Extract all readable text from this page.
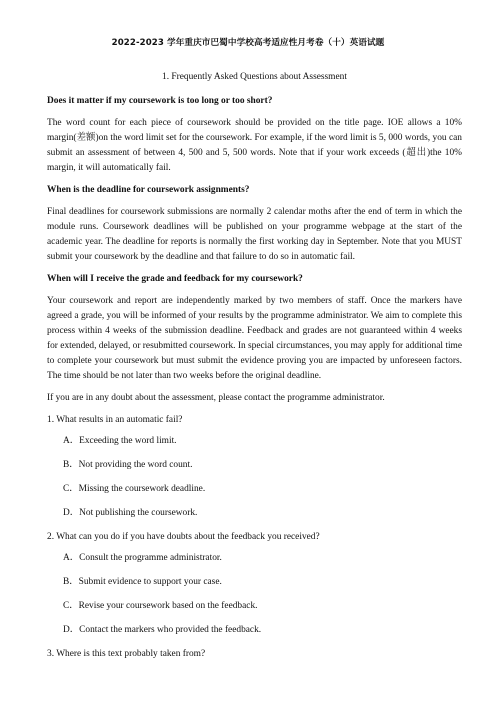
2022-2023 学年重庆市巴蜀中学校高考适应性月考卷（十）英语试题
1. Frequently Asked Questions about Assessment
Does it matter if my coursework is too long or too short?
The word count for each piece of coursework should be provided on the title page. IOE allows a 10% margin(差额)on the word limit set for the coursework. For example, if the word limit is 5, 000 words, you can submit an assessment of between 4, 500 and 5, 500 words. Note that if your work exceeds (超出)the 10% margin, it will automatically fail.
When is the deadline for coursework assignments?
Final deadlines for coursework submissions are normally 2 calendar moths after the end of term in which the module runs. Coursework deadlines will be published on your programme webpage at the start of the academic year. The deadline for reports is normally the first working day in September. Note that you MUST submit your coursework by the deadline and that failure to do so in automatic fail.
When will I receive the grade and feedback for my coursework?
Your coursework and report are independently marked by two members of staff. Once the markers have agreed a grade, you will be informed of your results by the programme administrator. We aim to complete this process within 4 weeks of the submission deadline. Feedback and grades are not guaranteed within 4 weeks for extended, delayed, or resubmitted coursework. In special circumstances, you may apply for additional time to complete your coursework but must submit the evidence proving you are impacted by unforeseen factors. The time should be not later than two weeks before the original deadline.
If you are in any doubt about the assessment, please contact the programme administrator.
1. What results in an automatic fail?
A．Exceeding the word limit.
B．Not providing the word count.
C．Missing the coursework deadline.
D．Not publishing the coursework.
2. What can you do if you have doubts about the feedback you received?
A．Consult the programme administrator.
B．Submit evidence to support your case.
C．Revise your coursework based on the feedback.
D．Contact the markers who provided the feedback.
3. Where is this text probably taken from?
